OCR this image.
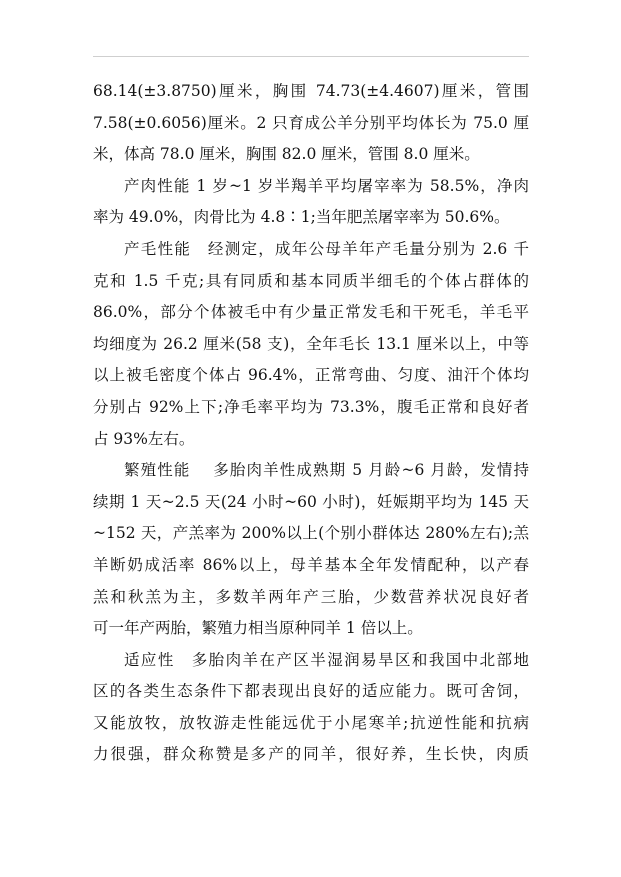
68.14(±3.8750)厘米，胸围 74.73(±4.4607)厘米，管围
7.58(±0.6056)厘米。2 只育成公羊分别平均体长为 75.0 厘
米，体高 78.0 厘米，胸围 82.0 厘米，管围 8.0 厘米。
产肉性能 1 岁~1 岁半羯羊平均屠宰率为 58.5%，净肉
率为 49.0%，肉骨比为 4.8∶1;当年肥羔屠宰率为 50.6%。
产毛性能　经测定，成年公母羊年产毛量分别为 2.6 千
克和 1.5 千克;具有同质和基本同质半细毛的个体占群体的
86.0%，部分个体被毛中有少量正常发毛和干死毛，羊毛平
均细度为 26.2 厘米(58 支)，全年毛长 13.1 厘米以上，中等
以上被毛密度个体占 96.4%，正常弯曲、匀度、油汗个体均
分别占 92%上下;净毛率平均为 73.3%，腹毛正常和良好者
占 93%左右。
繁殖性能　 多胎肉羊性成熟期 5 月龄~6 月龄，发情持
续期 1 天~2.5 天(24 小时~60 小时)，妊娠期平均为 145 天
~152 天，产羔率为 200%以上(个别小群体达 280%左右);羔
羊断奶成活率 86%以上，母羊基本全年发情配种，以产春
羔和秋羔为主，多数羊两年产三胎，少数营养状况良好者
可一年产两胎，繁殖力相当原种同羊 1 倍以上。
适应性　多胎肉羊在产区半湿润易旱区和我国中北部地
区的各类生态条件下都表现出良好的适应能力。既可舍饲，
又能放牧，放牧游走性能远优于小尾寒羊;抗逆性能和抗病
力很强，群众称赞是多产的同羊，很好养，生长快，肉质
